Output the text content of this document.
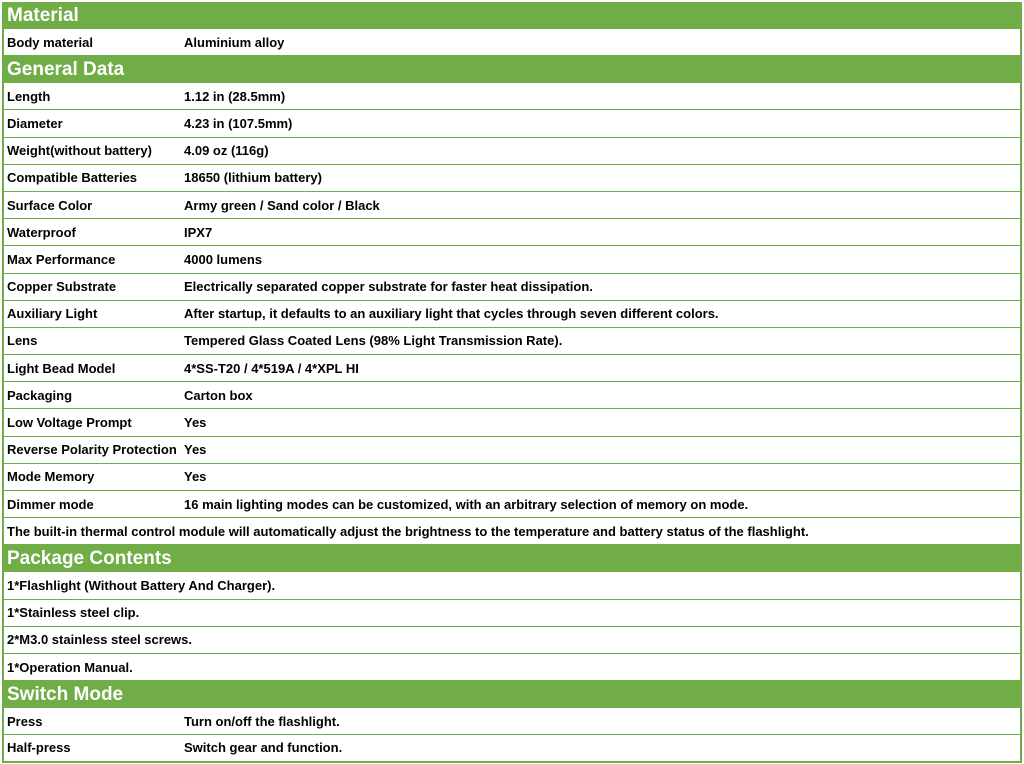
Material
Body material	Aluminium alloy
General Data
Length	1.12 in (28.5mm)
Diameter	4.23 in (107.5mm)
Weight(without battery)	4.09 oz (116g)
Compatible Batteries	18650 (lithium battery)
Surface Color	Army green / Sand color / Black
Waterproof	IPX7
Max Performance	4000 lumens
Copper Substrate	Electrically separated copper substrate for faster heat dissipation.
Auxiliary Light	After startup, it defaults to an auxiliary light that cycles through seven different colors.
Lens	Tempered Glass Coated Lens (98% Light Transmission Rate).
Light Bead Model	4*SS-T20 / 4*519A / 4*XPL HI
Packaging	Carton box
Low Voltage Prompt	Yes
Reverse Polarity Protection Yes
Mode Memory	Yes
Dimmer mode	16 main lighting modes can be customized, with an arbitrary selection of memory on mode.
The built-in thermal control module will automatically adjust the brightness to the temperature and battery status of the flashlight.
Package Contents
1*Flashlight (Without Battery And Charger).
1*Stainless steel clip.
2*M3.0 stainless steel screws.
1*Operation Manual.
Switch Mode
Press	Turn on/off the flashlight.
Half-press	Switch gear and function.
